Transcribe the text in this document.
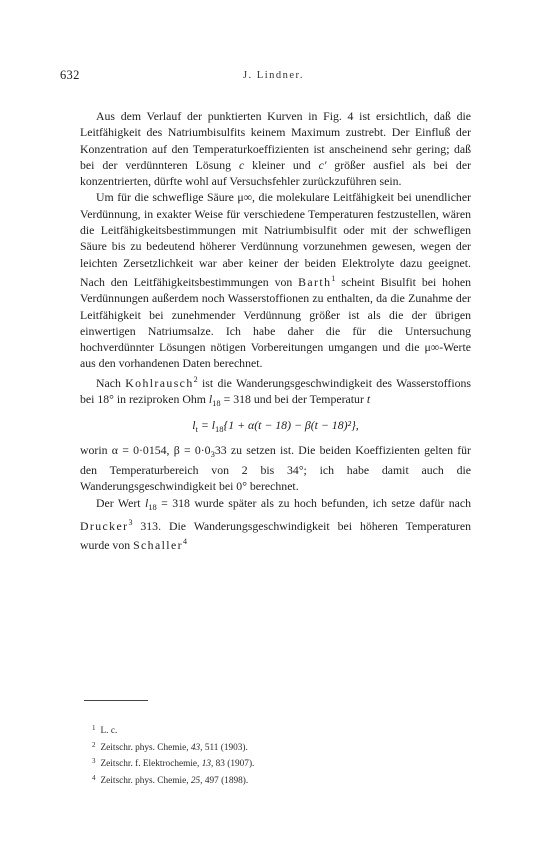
632	J. Lindner.

Aus dem Verlauf der punktierten Kurven in Fig. 4 ist ersichtlich, daß die Leitfähigkeit des Natriumbisulfits keinem Maximum zustrebt. Der Einfluß der Konzentration auf den Temperaturkoeffizienten ist anscheinend sehr gering; daß bei der verdünnteren Lösung c kleiner und c' größer ausfiel als bei der konzentrierten, dürfte wohl auf Versuchsfehler zurückzuführen sein.

Um für die schweflige Säure μ∞, die molekulare Leitfähigkeit bei unendlicher Verdünnung, in exakter Weise für verschiedene Temperaturen festzustellen, wären die Leitfähigkeitsbestimmungen mit Natriumbisulfit oder mit der schwefligen Säure bis zu bedeutend höherer Verdünnung vorzunehmen gewesen, wegen der leichten Zersetzlichkeit war aber keiner der beiden Elektrolyte dazu geeignet. Nach den Leitfähigkeitsbestimmungen von Barth$^1$ scheint Bisulfit bei hohen Verdünnungen außerdem noch Wasserstoffionen zu enthalten, da die Zunahme der Leitfähigkeit bei zunehmender Verdünnung größer ist als die der übrigen einwertigen Natriumsalze. Ich habe daher die für die Untersuchung hochverdünnter Lösungen nötigen Vorbereitungen umgangen und die μ∞-Werte aus den vorhandenen Daten berechnet.

Nach Kohlrausch$^2$ ist die Wanderungsgeschwindigkeit des Wasserstoffions bei 18° in reziproken Ohm $l_{18} = 318$ und bei der Temperatur t

$l_t = l_{18}\{1 + \alpha(t - 18) - \beta(t - 18)^2\}$,

worin α = 0·0154, $\beta = 0\cdot 0_333$ zu setzen ist. Die beiden Koeffizienten gelten für den Temperaturbereich von 2 bis 34°; ich habe damit auch die Wanderungsgeschwindigkeit bei 0° berechnet.

Der Wert $l_{18} = 318$ wurde später als zu hoch befunden, ich setze dafür nach Drucker$^3$ 313. Die Wanderungsgeschwindigkeit bei höheren Temperaturen wurde von Schaller$^4$

$^1$ L. c.
$^2$ Zeitschr. phys. Chemie, 43, 511 (1903).
$^3$ Zeitschr. f. Elektrochemie, 13, 83 (1907).
$^4$ Zeitschr. phys. Chemie, 25, 497 (1898).
